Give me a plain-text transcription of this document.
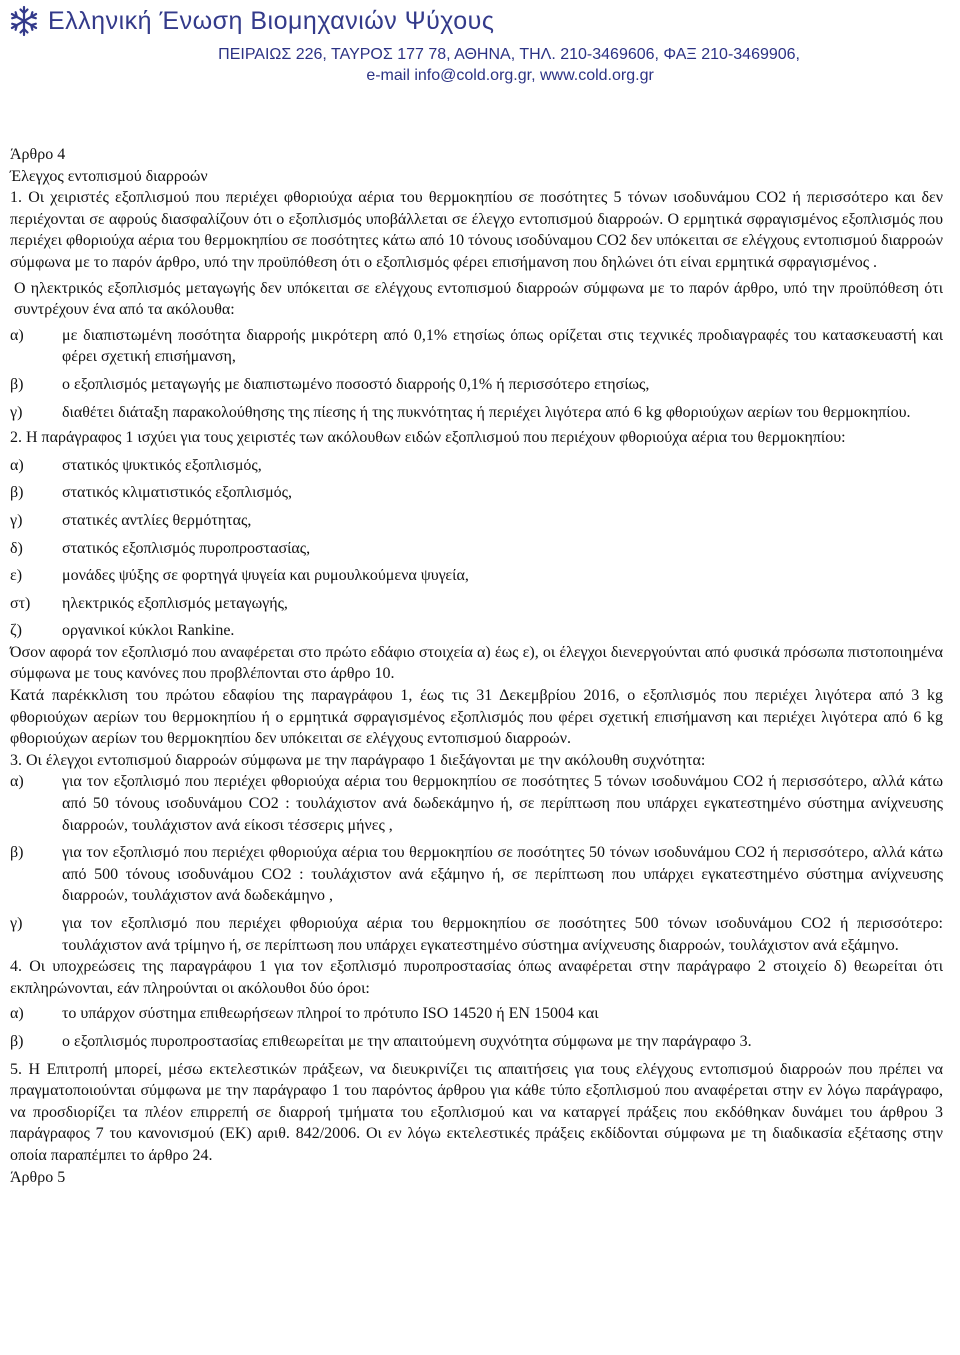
Ελληνική Ένωση Βιομηχανιών Ψύχους
ΠΕΙΡΑΙΩΣ 226, ΤΑΥΡΟΣ 177 78, ΑΘΗΝΑ, ΤΗΛ. 210-3469606, ΦΑΞ 210-3469906,
e-mail info@cold.org.gr, www.cold.org.gr

Άρθρο 4

Έλεγχος εντοπισμού διαρροών

1. Οι χειριστές εξοπλισμού που περιέχει φθοριούχα αέρια του θερμοκηπίου σε ποσότητες 5 τόνων ισοδυνάμου CO2 ή περισσότερο και δεν περιέχονται σε αφρούς διασφαλίζουν ότι ο εξοπλισμός υποβάλλεται σε έλεγχο εντοπισμού διαρροών. Ο ερμητικά σφραγισμένος εξοπλισμός που περιέχει φθοριούχα αέρια του θερμοκηπίου σε ποσότητες κάτω από 10 τόνους ισοδύναμου CO2 δεν υπόκειται σε ελέγχους εντοπισμού διαρροών σύμφωνα με το παρόν άρθρο, υπό την προϋπόθεση ότι ο εξοπλισμός φέρει επισήμανση που δηλώνει ότι είναι ερμητικά σφραγισμένος .

Ο ηλεκτρικός εξοπλισμός μεταγωγής δεν υπόκειται σε ελέγχους εντοπισμού διαρροών σύμφωνα με το παρόν άρθρο, υπό την προϋπόθεση ότι συντρέχουν ένα από τα ακόλουθα:

α)	με διαπιστωμένη ποσότητα διαρροής μικρότερη από 0,1% ετησίως όπως ορίζεται στις τεχνικές προδιαγραφές του κατασκευαστή και φέρει σχετική επισήμανση,
β)	ο εξοπλισμός μεταγωγής με διαπιστωμένο ποσοστό διαρροής 0,1% ή περισσότερο ετησίως,
γ)	διαθέτει διάταξη παρακολούθησης της πίεσης ή της πυκνότητας ή περιέχει λιγότερα από 6 kg φθοριούχων αερίων του θερμοκηπίου.

2. Η παράγραφος 1 ισχύει για τους χειριστές των ακόλουθων ειδών εξοπλισμού που περιέχουν φθοριούχα αέρια του θερμοκηπίου:

α)	στατικός ψυκτικός εξοπλισμός,
β)	στατικός κλιματιστικός εξοπλισμός,
γ)	στατικές αντλίες θερμότητας,
δ)	στατικός εξοπλισμός πυροπροστασίας,
ε)	μονάδες ψύξης σε φορτηγά ψυγεία και ρυμουλκούμενα ψυγεία,
στ)	ηλεκτρικός εξοπλισμός μεταγωγής,
ζ)	οργανικοί κύκλοι Rankine.

Όσον αφορά τον εξοπλισμό που αναφέρεται στο πρώτο εδάφιο στοιχεία α) έως ε), οι έλεγχοι διενεργούνται από φυσικά πρόσωπα πιστοποιημένα σύμφωνα με τους κανόνες που προβλέπονται στο άρθρο 10.

Κατά παρέκκλιση του πρώτου εδαφίου της παραγράφου 1, έως τις 31 Δεκεμβρίου 2016, ο εξοπλισμός που περιέχει λιγότερα από 3 kg φθοριούχων αερίων του θερμοκηπίου ή ο ερμητικά σφραγισμένος εξοπλισμός που φέρει σχετική επισήμανση και περιέχει λιγότερα από 6 kg φθοριούχων αερίων του θερμοκηπίου δεν υπόκειται σε ελέγχους εντοπισμού διαρροών.

3. Οι έλεγχοι εντοπισμού διαρροών σύμφωνα με την παράγραφο 1 διεξάγονται με την ακόλουθη συχνότητα:

α)	για τον εξοπλισμό που περιέχει φθοριούχα αέρια του θερμοκηπίου σε ποσότητες 5 τόνων ισοδυνάμου CO2 ή περισσότερο, αλλά κάτω από 50 τόνους ισοδυνάμου CO2 : τουλάχιστον ανά δωδεκάμηνο ή, σε περίπτωση που υπάρχει εγκατεστημένο σύστημα ανίχνευσης διαρροών, τουλάχιστον ανά είκοσι τέσσερις μήνες ,
β)	για τον εξοπλισμό που περιέχει φθοριούχα αέρια του θερμοκηπίου σε ποσότητες 50 τόνων ισοδυνάμου CO2 ή περισσότερο, αλλά κάτω από 500 τόνους ισοδυνάμου CO2 : τουλάχιστον ανά εξάμηνο ή, σε περίπτωση που υπάρχει εγκατεστημένο σύστημα ανίχνευσης διαρροών, τουλάχιστον ανά δωδεκάμηνο ,
γ)	για τον εξοπλισμό που περιέχει φθοριούχα αέρια του θερμοκηπίου σε ποσότητες 500 τόνων ισοδυνάμου CO2 ή περισσότερο: τουλάχιστον ανά τρίμηνο ή, σε περίπτωση που υπάρχει εγκατεστημένο σύστημα ανίχνευσης διαρροών, τουλάχιστον ανά εξάμηνο.

4. Οι υποχρεώσεις της παραγράφου 1 για τον εξοπλισμό πυροπροστασίας όπως αναφέρεται στην παράγραφο 2 στοιχείο δ) θεωρείται ότι εκπληρώνονται, εάν πληρούνται οι ακόλουθοι δύο όροι:

α)	το υπάρχον σύστημα επιθεωρήσεων πληροί το πρότυπο ISO 14520 ή EN 15004 και
β)	ο εξοπλισμός πυροπροστασίας επιθεωρείται με την απαιτούμενη συχνότητα σύμφωνα με την παράγραφο 3.

5. Η Επιτροπή μπορεί, μέσω εκτελεστικών πράξεων, να διευκρινίζει τις απαιτήσεις για τους ελέγχους εντοπισμού διαρροών που πρέπει να πραγματοποιούνται σύμφωνα με την παράγραφο 1 του παρόντος άρθρου για κάθε τύπο εξοπλισμού που αναφέρεται στην εν λόγω παράγραφο, να προσδιορίζει τα πλέον επιρρεπή σε διαρροή τμήματα του εξοπλισμού και να καταργεί πράξεις που εκδόθηκαν δυνάμει του άρθρου 3 παράγραφος 7 του κανονισμού (ΕΚ) αριθ. 842/2006. Οι εν λόγω εκτελεστικές πράξεις εκδίδονται σύμφωνα με τη διαδικασία εξέτασης στην οποία παραπέμπει το άρθρο 24.

Άρθρο 5
